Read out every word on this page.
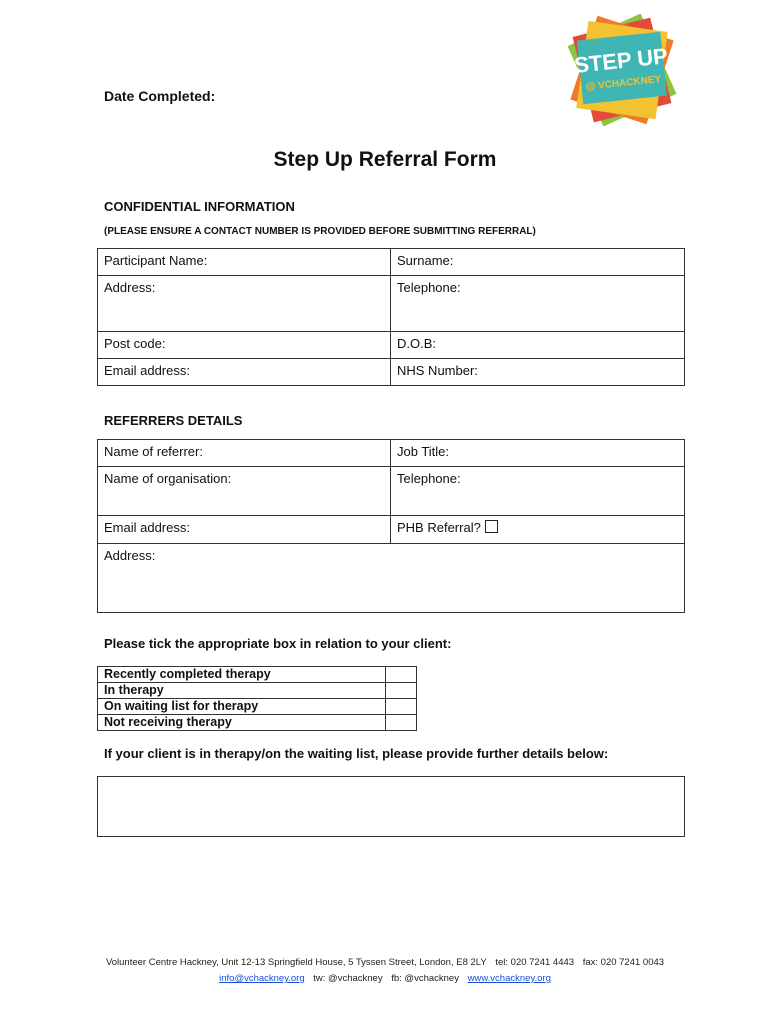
STEP UP
@ VCHACKNEY
Date Completed:
Step Up Referral Form
CONFIDENTIAL INFORMATION
(PLEASE ENSURE A CONTACT NUMBER IS PROVIDED BEFORE SUBMITTING REFERRAL)
Participant Name:	Surname:
Address:	Telephone:
Post code:	D.O.B:
Email address:	NHS Number:
REFERRERS DETAILS
Name of referrer:	Job Title:
Name of organisation:	Telephone:
Email address:	PHB Referral?
Address:	
Please tick the appropriate box in relation to your client:
Recently completed therapy	
In therapy	
On waiting list for therapy	
Not receiving therapy	
If your client is in therapy/on the waiting list, please provide further details below:
Volunteer Centre Hackney, Unit 12-13 Springfield House, 5 Tyssen Street, London, E8 2LY tel: 020 7241 4443 fax: 020 7241 0043
info@vchackney.org tw: @vchackney fb: @vchackney www.vchackney.org
